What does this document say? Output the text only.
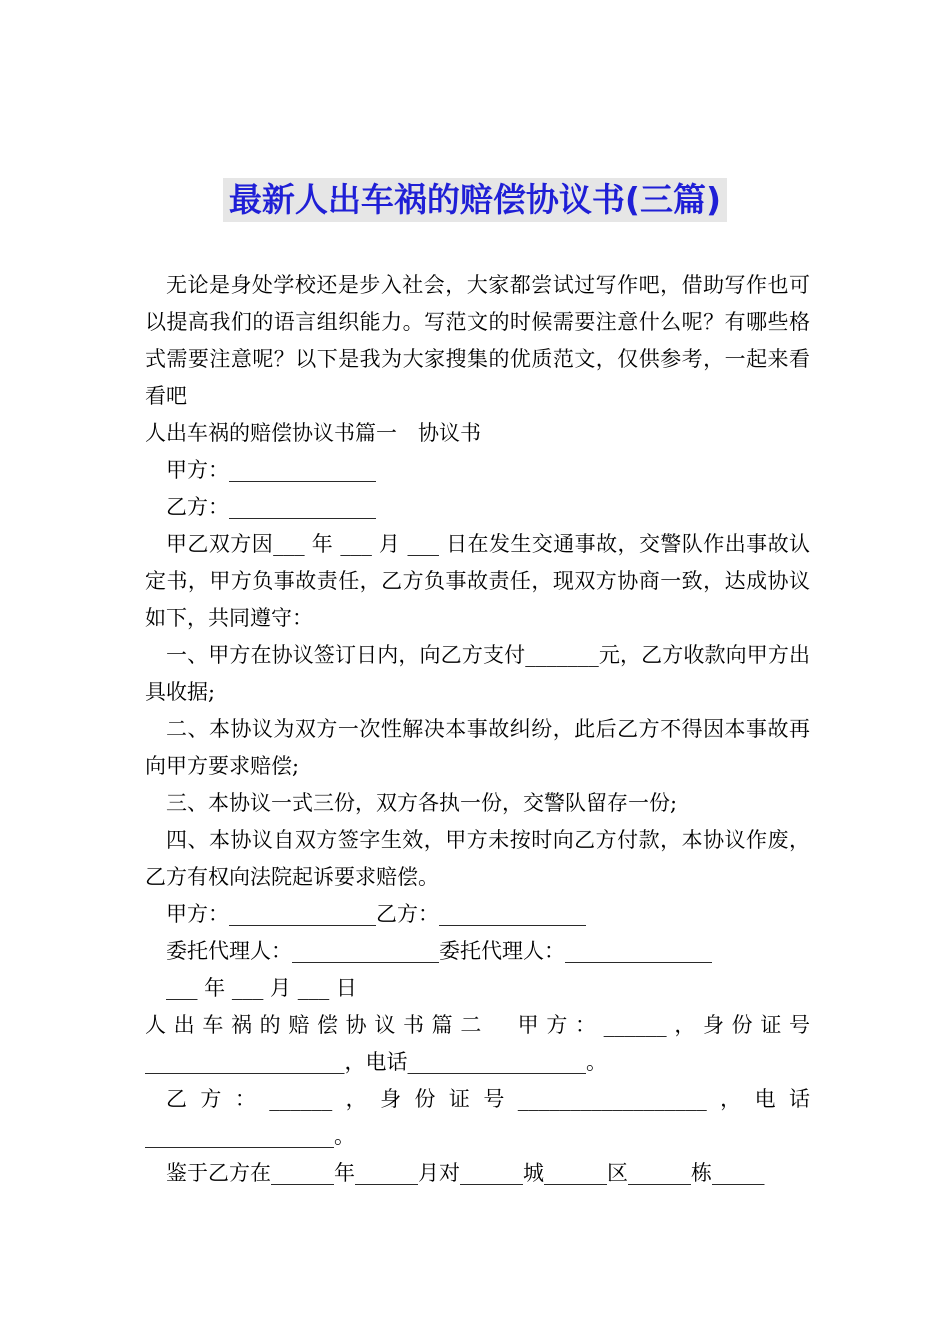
最新人出车祸的赔偿协议书(三篇)

无论是身处学校还是步入社会，大家都尝试过写作吧，借助写作也可以提高我们的语言组织能力。写范文的时候需要注意什么呢？有哪些格式需要注意呢？以下是我为大家搜集的优质范文，仅供参考，一起来看看吧

人出车祸的赔偿协议书篇一　协议书

甲方：______________

乙方：______________

甲乙双方因___ 年 ___ 月 ___ 日在发生交通事故，交警队作出事故认定书，甲方负事故责任，乙方负事故责任，现双方协商一致，达成协议如下，共同遵守：

一、甲方在协议签订日内，向乙方支付_______元，乙方收款向甲方出具收据;

二、本协议为双方一次性解决本事故纠纷，此后乙方不得因本事故再向甲方要求赔偿;

三、本协议一式三份，双方各执一份，交警队留存一份;

四、本协议自双方签字生效，甲方未按时向乙方付款，本协议作废，乙方有权向法院起诉要求赔偿。

甲方：______________乙方：______________

委托代理人：______________委托代理人：______________

___ 年 ___ 月 ___ 日

人出车祸的赔偿协议书篇二　甲方：______，身份证号___________________，电话_________________。

乙方：______，身份证号__________________，电话__________________。

鉴于乙方在______年______月对______城______区______栋_____
